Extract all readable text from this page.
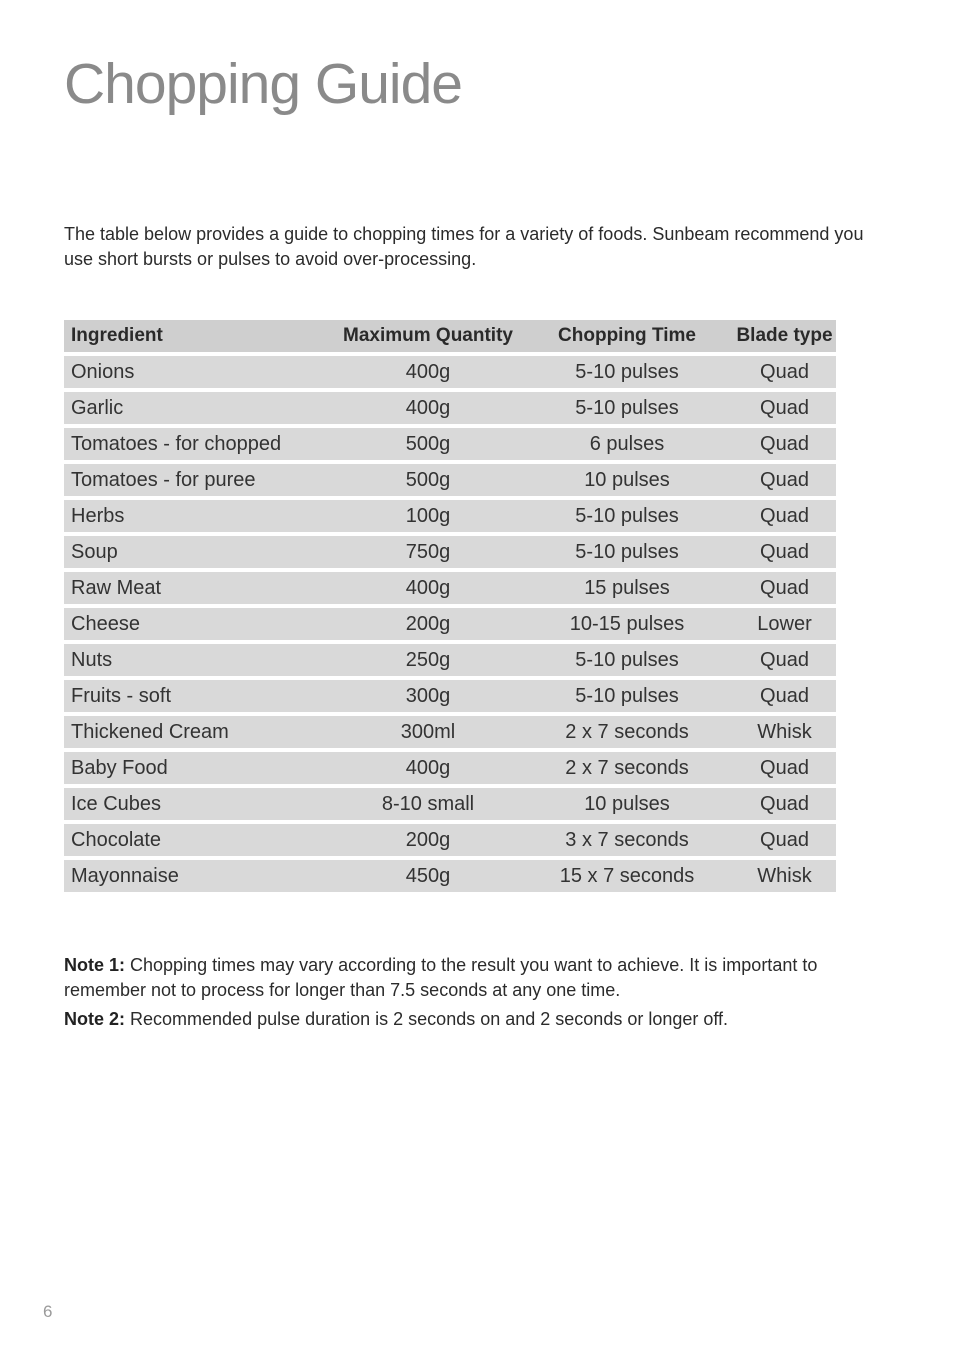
Chopping Guide

The table below provides a guide to chopping times for a variety of foods. Sunbeam recommend you use short bursts or pulses to avoid over-processing.

Ingredient	Maximum Quantity	Chopping Time	Blade type
Onions	400g	5-10 pulses	Quad
Garlic	400g	5-10 pulses	Quad
Tomatoes - for chopped	500g	6 pulses	Quad
Tomatoes - for puree	500g	10 pulses	Quad
Herbs	100g	5-10 pulses	Quad
Soup	750g	5-10 pulses	Quad
Raw Meat	400g	15 pulses	Quad
Cheese	200g	10-15 pulses	Lower
Nuts	250g	5-10 pulses	Quad
Fruits - soft	300g	5-10 pulses	Quad
Thickened Cream	300ml	2 x 7 seconds	Whisk
Baby Food	400g	2 x 7 seconds	Quad
Ice Cubes	8-10 small	10 pulses	Quad
Chocolate	200g	3 x 7 seconds	Quad
Mayonnaise	450g	15 x 7 seconds	Whisk

Note 1: Chopping times may vary according to the result you want to achieve. It is important to remember not to process for longer than 7.5 seconds at any one time.

Note 2: Recommended pulse duration is 2 seconds on and 2 seconds or longer off.

6
